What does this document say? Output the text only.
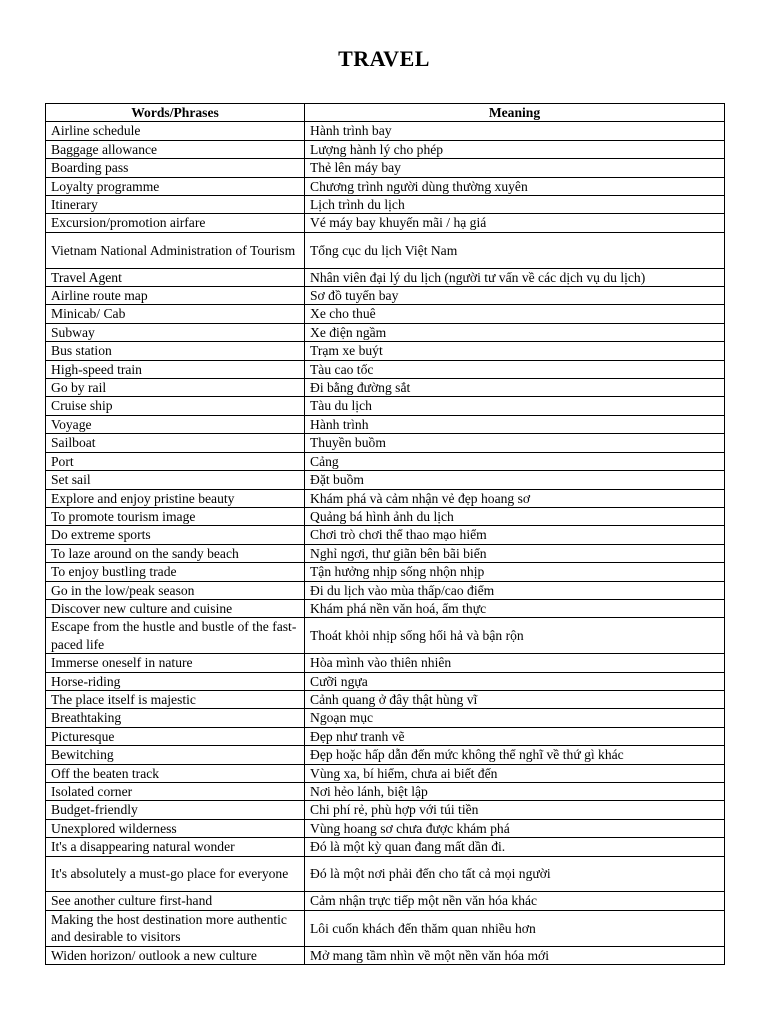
TRAVEL
Words/Phrases	Meaning
Airline schedule	Hành trình bay
Baggage allowance	Lượng hành lý cho phép
Boarding pass	Thẻ lên máy bay
Loyalty programme	Chương trình người dùng thường xuyên
Itinerary	Lịch trình du lịch
Excursion/promotion airfare	Vé máy bay khuyến mãi / hạ giá
Vietnam National Administration of Tourism	Tổng cục du lịch Việt Nam
Travel Agent	Nhân viên đại lý du lịch (người tư vấn về các dịch vụ du lịch)
Airline route map	Sơ đồ tuyến bay
Minicab/ Cab	Xe cho thuê
Subway	Xe điện ngầm
Bus station	Trạm xe buýt
High-speed train	Tàu cao tốc
Go by rail	Đi bằng đường sắt
Cruise ship	Tàu du lịch
Voyage	Hành trình
Sailboat	Thuyền buồm
Port	Cảng
Set sail	Đặt buồm
Explore and enjoy pristine beauty	Khám phá và cảm nhận vẻ đẹp hoang sơ
To promote tourism image	Quảng bá hình ảnh du lịch
Do extreme sports	Chơi trò chơi thể thao mạo hiểm
To laze around on the sandy beach	Nghỉ ngơi, thư giãn bên bãi biển
To enjoy bustling trade	Tận hưởng nhịp sống nhộn nhịp
Go in the low/peak season	Đi du lịch vào mùa thấp/cao điểm
Discover new culture and cuisine	Khám phá nền văn hoá, ẩm thực
Escape from the hustle and bustle of the fast-paced life	Thoát khỏi nhịp sống hối hả và bận rộn
Immerse oneself in nature	Hòa mình vào thiên nhiên
Horse-riding	Cưỡi ngựa
The place itself is majestic	Cảnh quang ở đây thật hùng vĩ
Breathtaking	Ngoạn mục
Picturesque	Đẹp như tranh vẽ
Bewitching	Đẹp hoặc hấp dẫn đến mức không thể nghĩ về thứ gì khác
Off the beaten track	Vùng xa, bí hiểm, chưa ai biết đến
Isolated corner	Nơi hẻo lánh, biệt lập
Budget-friendly	Chi phí rẻ, phù hợp với túi tiền
Unexplored wilderness	Vùng hoang sơ chưa được khám phá
It's a disappearing natural wonder	Đó là một kỳ quan đang mất dần đi.
It's absolutely a must-go place for everyone	Đó là một nơi phải đến cho tất cả mọi người
See another culture first-hand	Cảm nhận trực tiếp một nền văn hóa khác
Making the host destination more authentic and desirable to visitors	Lôi cuốn khách đến thăm quan nhiều hơn
Widen horizon/ outlook a new culture	Mở mang tầm nhìn về một nền văn hóa mới
